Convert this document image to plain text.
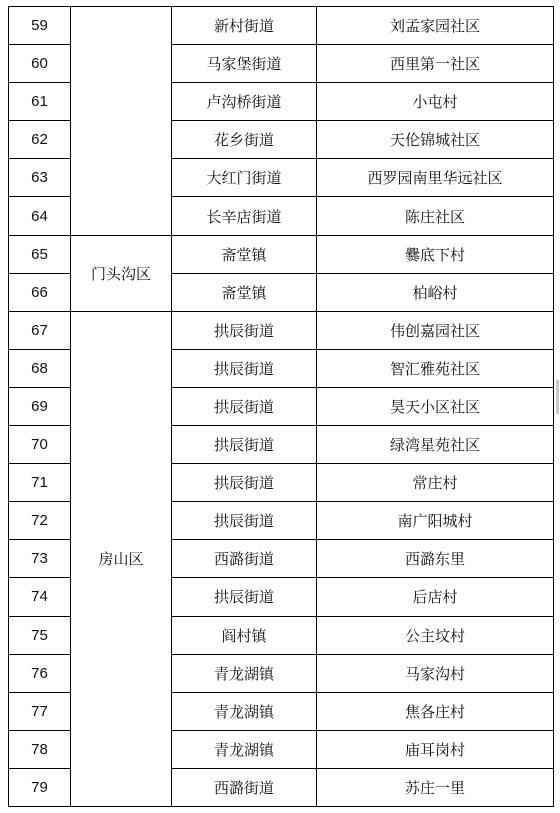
59		新村街道	刘孟家园社区
60		马家堡街道	西里第一社区
61		卢沟桥街道	小屯村
62		花乡街道	天伦锦城社区
63		大红门街道	西罗园南里华远社区
64		长辛店街道	陈庄社区
65	门头沟区	斋堂镇	爨底下村
66		斋堂镇	柏峪村
67	房山区	拱辰街道	伟创嘉园社区
68		拱辰街道	智汇雅苑社区
69		拱辰街道	昊天小区社区
70		拱辰街道	绿湾星苑社区
71		拱辰街道	常庄村
72		拱辰街道	南广阳城村
73		西潞街道	西潞东里
74		拱辰街道	后店村
75		阎村镇	公主坟村
76		青龙湖镇	马家沟村
77		青龙湖镇	焦各庄村
78		青龙湖镇	庙耳岗村
79		西潞街道	苏庄一里
